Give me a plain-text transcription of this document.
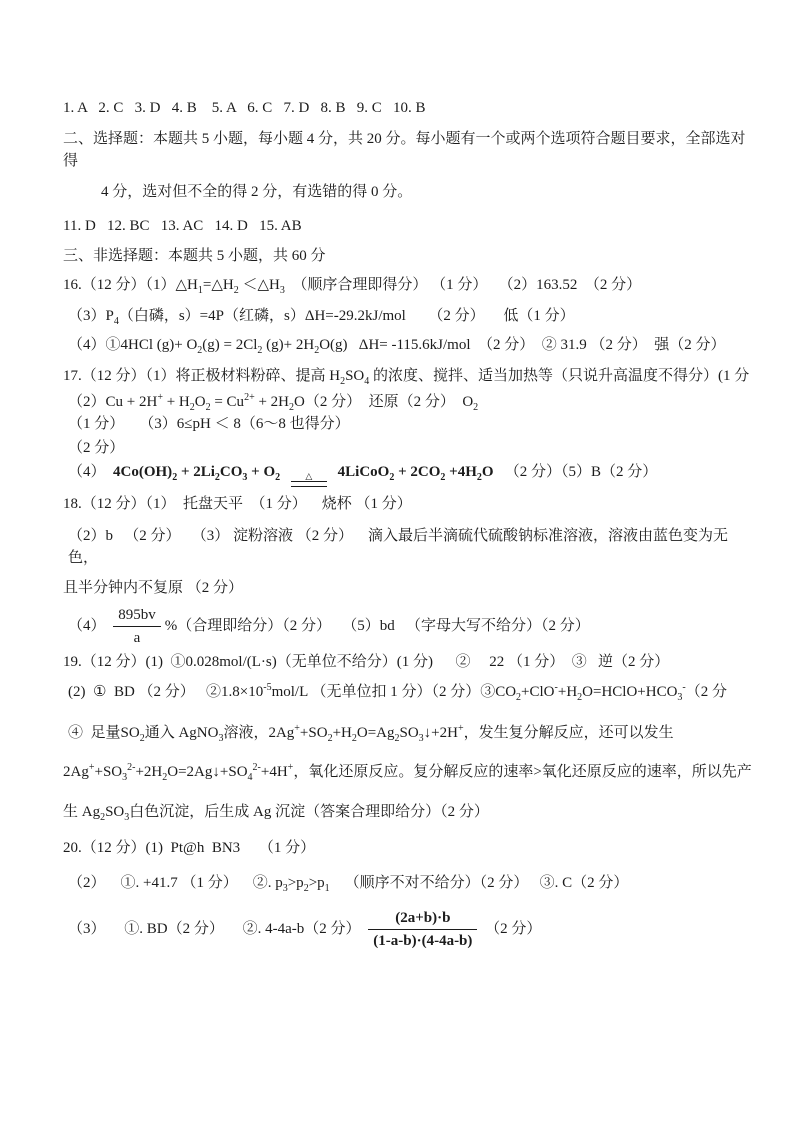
1. A   2. C   3. D   4. B    5. A   6. C   7. D   8. B   9. C   10. B

二、选择题：本题共 5 小题，每小题 4 分，共 20 分。每小题有一个或两个选项符合题目要求，全部选对得

4 分，选对但不全的得 2 分，有选错的得 0 分。

11. D   12. BC   13. AC   14. D   15. AB

三、非选择题：本题共 5 小题，共 60 分

16.（12 分）$(1)\triangle H_1=\triangle H_2$ $<\triangle H_3$  （顺序合理即得分） （1 分）   （2）163.52  （2 分）

$(3)P_4$（白磷，s）=4P（红磷，s）ΔH=-29.2kJ/mol      （2 分）     低（1 分）

（4）①4HCl $(g)+ O_2(g) = 2Cl_2$ $(g)+ 2H_2O(g)$   ΔH= -115.6kJ/mol  （2 分）  ② 31.9 （2 分）  强（2 分）

17.（12 分）（1）将正极材料粉碎、提高 $H_2SO_4$ 的浓度、搅拌、适当加热等（只说升高温度不得分）(1 分

$(2)Cu + 2H^+ + H_2O_2 = Cu^{2+} + 2H_2O(2$ 分）  还原（2 分）  $O_2(1$ 分）    （3）6≤pH ＜ 8（6～8 也得分）

（2 分）

（4）  $4Co(OH)_2 + 2Li_2CO_3 + O_2$	△	4LiCoO$_2$ + $2CO_2 +4H_2O$   （2 分）（5）B（2 分）

18.（12 分）（1）  托盘天平  （1 分）    烧杯 （1 分）

（2）b   （2 分）   （3） 淀粉溶液 （2 分）    滴入最后半滴硫代硫酸钠标准溶液，溶液由蓝色变为无色，

且半分钟内不复原 （2 分）

$(4) \frac{895bv}{a}$ %（合理即给分）（2 分）   （5）bd   （字母大写不给分）（2 分）

19.（12 分）(1)  ①0.028mol/(L·s)（无单位不给分）(1 分)      ②     22 （1 分）  ③   逆（2 分）

(2)  ①  BD （2 分）   $②1.8\times 10^{-5}mol/L$ （无单位扣 1 分）（2 分）$③CO_2+ClO^-+H_2O=HClO+HCO_3^-(2$ 分

④  足量$SO_2$通入 AgNO$_3$溶液，$2Ag^++SO_2+H_2O=Ag_2SO_3↓+2H^+$，发生复分解反应，还可以发生

$2Ag^++SO_3^{2-}+2H_2O=2Ag↓+SO_4^{2-}+4H^+$，氧化还原反应。复分解反应的速率>氧化还原反应的速率，所以先产

生 $Ag_2SO_3$白色沉淀，后生成 Ag 沉淀（答案合理即给分）（2 分）

20.（12 分）(1)  Pt@h  BN3     （1 分）

（2）    ①. +41.7 （1 分）    ②. $p_3>p_2>p_1$    （顺序不对不给分）（2 分）   ③. C（2 分）

（3）     ①. BD（2 分）     ②. 4-4a-b（2 分） $\frac{(2a+b)\cdot b}{(1-a-b)\cdot(4-4a-b)} (2$ 分）
